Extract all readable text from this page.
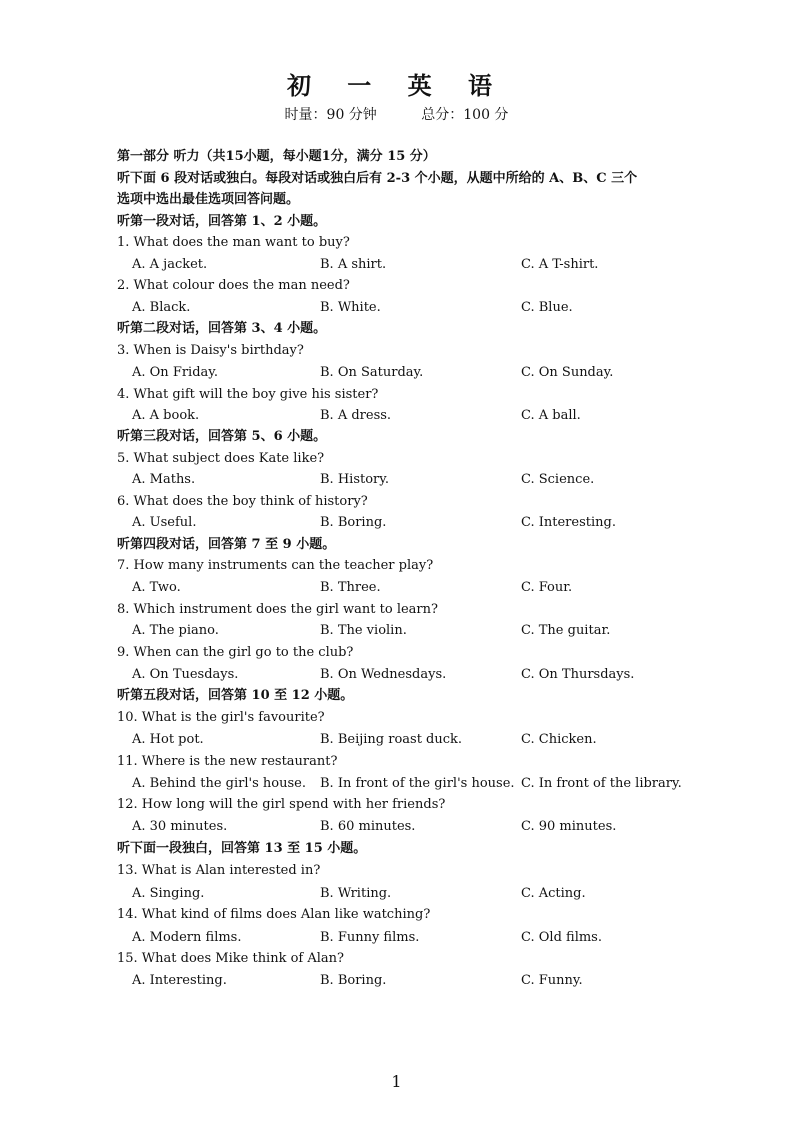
初 一 英 语
时量：90 分钟	总分：100 分
第一部分 听力（共15小题，每小题1分，满分 15 分）
听下面 6 段对话或独白。每段对话或独白后有 2-3 个小题，从题中所给的 A、B、C 三个
选项中选出最佳选项回答问题。
听第一段对话，回答第 1、2 小题。
1. What does the man want to buy?
A. A jacket.	B. A shirt.	C. A T-shirt.
2. What colour does the man need?
A. Black.	B. White.	C. Blue.
听第二段对话，回答第 3、4 小题。
3. When is Daisy's birthday?
A. On Friday.	B. On Saturday.	C. On Sunday.
4. What gift will the boy give his sister?
A. A book.	B. A dress.	C. A ball.
听第三段对话，回答第 5、6 小题。
5. What subject does Kate like?
A. Maths.	B. History.	C. Science.
6. What does the boy think of history?
A. Useful.	B. Boring.	C. Interesting.
听第四段对话，回答第 7 至 9 小题。
7. How many instruments can the teacher play?
A. Two.	B. Three.	C. Four.
8. Which instrument does the girl want to learn?
A. The piano.	B. The violin.	C. The guitar.
9. When can the girl go to the club?
A. On Tuesdays.	B. On Wednesdays.	C. On Thursdays.
听第五段对话，回答第 10 至 12 小题。
10. What is the girl's favourite?
A. Hot pot.	B. Beijing roast duck.	C. Chicken.
11. Where is the new restaurant?
A. Behind the girl's house. B. In front of the girl's house. C. In front of the library.
12. How long will the girl spend with her friends?
A. 30 minutes.	B. 60 minutes.	C. 90 minutes.
听下面一段独白，回答第 13 至 15 小题。
13. What is Alan interested in?
A. Singing.	B. Writing.	C. Acting.
14. What kind of films does Alan like watching?
A. Modern films.	B. Funny films.	C. Old films.
15. What does Mike think of Alan?
A. Interesting.	B. Boring.	C. Funny.
1
